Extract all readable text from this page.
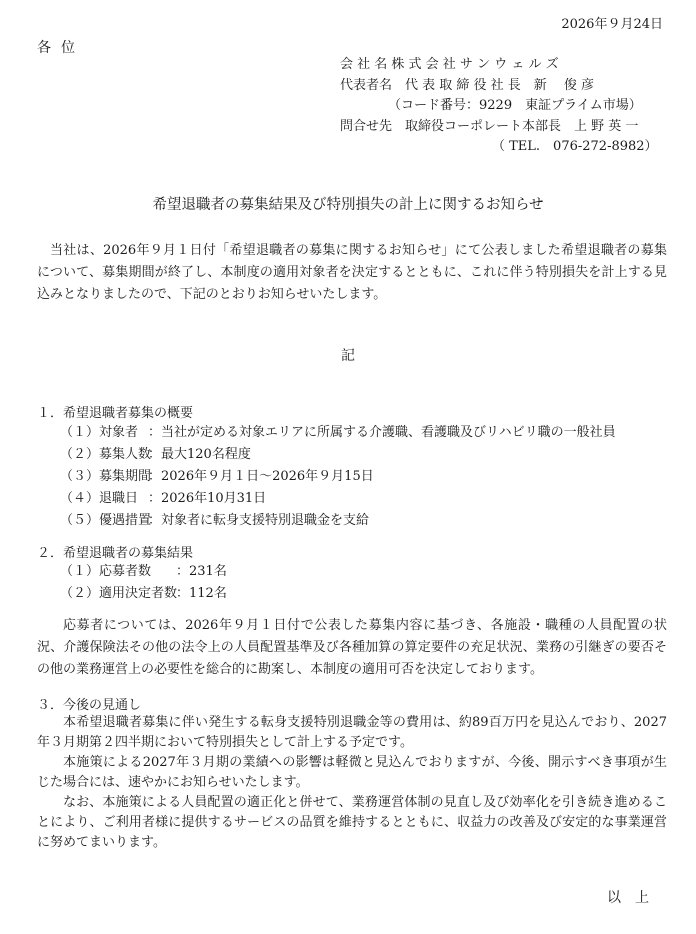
2026年９月24日
各位
会 社 名 株 式 会 社 サ ン ウ ェ ル ズ
代表者名　代 表 取 締 役 社 長　新　 俊 彦
（コード番号：9229　東証プライム市場）
問合せ先　取締役コーポレート本部長　上 野 英 一
（ TEL.　076-272-8982）
希望退職者の募集結果及び特別損失の計上に関するお知らせ
当社は、2026年９月１日付「希望退職者の募集に関するお知らせ」にて公表しました希望退職者の募集について、募集期間が終了し、本制度の適用対象者を決定するとともに、これに伴う特別損失を計上する見込みとなりましたので、下記のとおりお知らせいたします。
記
１．希望退職者募集の概要
（１）対象者 ：当社が定める対象エリアに所属する介護職、看護職及びリハビリ職の一般社員
（２）募集人数：最大120名程度
（３）募集期間：2026年９月１日～2026年９月15日
（４）退職日 ：2026年10月31日
（５）優遇措置：対象者に転身支援特別退職金を支給
２．希望退職者の募集結果
（１）応募者数 ：231名
（２）適用決定者数：112名
応募者については、2026年９月１日付で公表した募集内容に基づき、各施設・職種の人員配置の状況、介護保険法その他の法令上の人員配置基準及び各種加算の算定要件の充足状況、業務の引継ぎの要否その他の業務運営上の必要性を総合的に勘案し、本制度の適用可否を決定しております。
３．今後の見通し
本希望退職者募集に伴い発生する転身支援特別退職金等の費用は、約89百万円を見込んでおり、2027年３月期第２四半期において特別損失として計上する予定です。
本施策による2027年３月期の業績への影響は軽微と見込んでおりますが、今後、開示すべき事項が生じた場合には、速やかにお知らせいたします。
なお、本施策による人員配置の適正化と併せて、業務運営体制の見直し及び効率化を引き続き進めることにより、ご利用者様に提供するサービスの品質を維持するとともに、収益力の改善及び安定的な事業運営に努めてまいります。
以上
